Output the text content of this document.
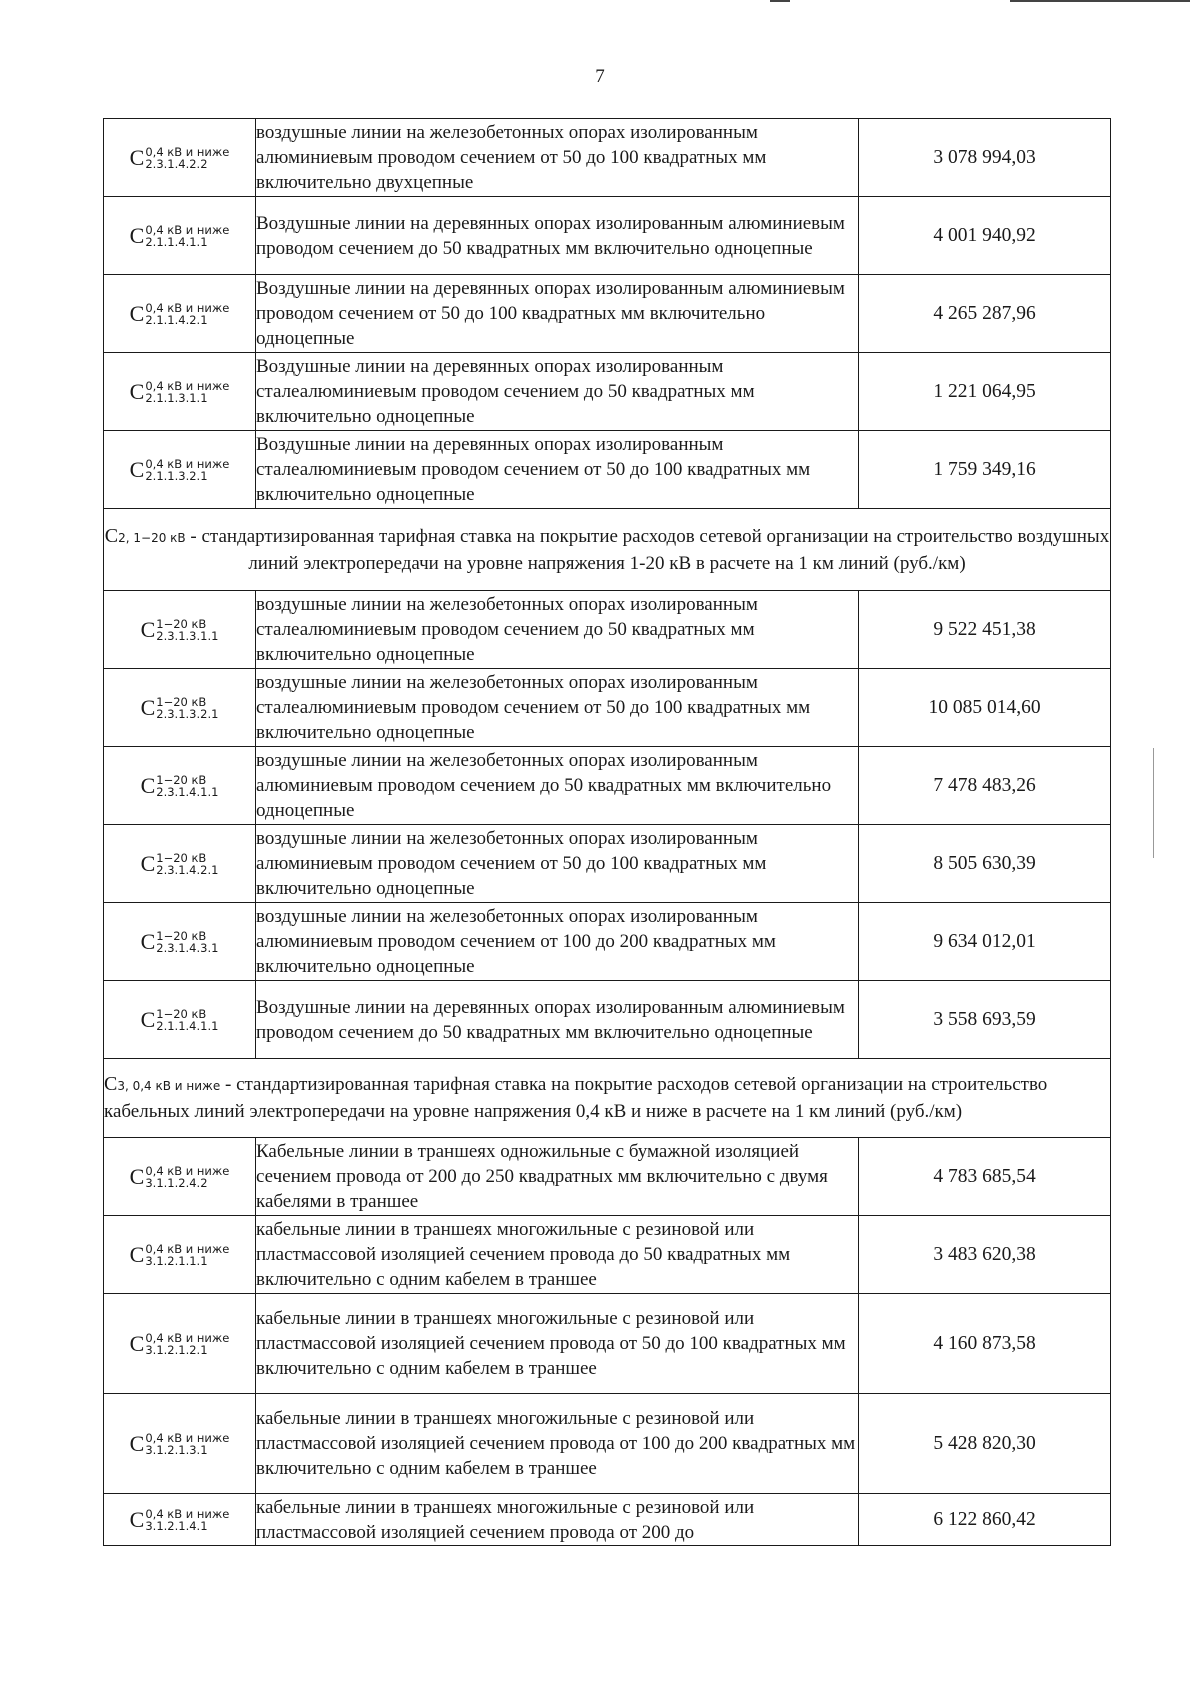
7
C 0,4 кВ и ниже
2.3.1.4.2.2	воздушные линии на железобетонных опорах изолированным алюминиевым проводом сечением от 50 до 100 квадратных мм включительно двухцепные	3 078 994,03

C 0,4 кВ и ниже
2.1.1.4.1.1	Воздушные линии на деревянных опорах изолированным алюминиевым проводом сечением до 50 квадратных мм включительно одноцепные	4 001 940,92

C 0,4 кВ и ниже
2.1.1.4.2.1	Воздушные линии на деревянных опорах изолированным алюминиевым проводом сечением от 50 до 100 квадратных мм включительно одноцепные	4 265 287,96

C 0,4 кВ и ниже
2.1.1.3.1.1	Воздушные линии на деревянных опорах изолированным сталеалюминиевым проводом сечением до 50 квадратных мм включительно одноцепные	1 221 064,95

C 0,4 кВ и ниже
2.1.1.3.2.1	Воздушные линии на деревянных опорах изолированным сталеалюминиевым проводом сечением от 50 до 100 квадратных мм включительно одноцепные	1 759 349,16
C2, 1−20 кВ - стандартизированная тарифная ставка на покрытие расходов сетевой организации на строительство воздушных линий электропередачи на уровне напряжения 1-20 кВ в расчете на 1 км линий (руб./км)		

C 1−20 кВ
2.3.1.3.1.1	воздушные линии на железобетонных опорах изолированным сталеалюминиевым проводом сечением до 50 квадратных мм включительно одноцепные	9 522 451,38

C 1−20 кВ
2.3.1.3.2.1	воздушные линии на железобетонных опорах изолированным сталеалюминиевым проводом сечением от 50 до 100 квадратных мм включительно одноцепные	10 085 014,60

C 1−20 кВ
2.3.1.4.1.1	воздушные линии на железобетонных опорах изолированным алюминиевым проводом сечением до 50 квадратных мм включительно одноцепные	7 478 483,26

C 1−20 кВ
2.3.1.4.2.1	воздушные линии на железобетонных опорах изолированным алюминиевым проводом сечением от 50 до 100 квадратных мм включительно одноцепные	8 505 630,39

C 1−20 кВ
2.3.1.4.3.1	воздушные линии на железобетонных опорах изолированным алюминиевым проводом сечением от 100 до 200 квадратных мм включительно одноцепные	9 634 012,01

C 1−20 кВ
2.1.1.4.1.1	Воздушные линии на деревянных опорах изолированным алюминиевым проводом сечением до 50 квадратных мм включительно одноцепные	3 558 693,59
C3, 0,4 кВ и ниже - стандартизированная тарифная ставка на покрытие расходов сетевой организации на строительство кабельных линий электропередачи на уровне напряжения 0,4 кВ и ниже в расчете на 1 км линий (руб./км)		

C 0,4 кВ и ниже
3.1.1.2.4.2	Кабельные линии в траншеях одножильные с бумажной изоляцией сечением провода от 200 до 250 квадратных мм включительно с двумя кабелями в траншее	4 783 685,54

C 0,4 кВ и ниже
3.1.2.1.1.1	кабельные линии в траншеях многожильные с резиновой или пластмассовой изоляцией сечением провода до 50 квадратных мм включительно с одним кабелем в траншее	3 483 620,38

C 0,4 кВ и ниже
3.1.2.1.2.1	кабельные линии в траншеях многожильные с резиновой или пластмассовой изоляцией сечением провода от 50 до 100 квадратных мм включительно с одним кабелем в траншее	4 160 873,58

C 0,4 кВ и ниже
3.1.2.1.3.1	кабельные линии в траншеях многожильные с резиновой или пластмассовой изоляцией сечением провода от 100 до 200 квадратных мм включительно с одним кабелем в траншее	5 428 820,30

C 0,4 кВ и ниже
3.1.2.1.4.1	кабельные линии в траншеях многожильные с резиновой или пластмассовой изоляцией сечением провода от 200 до	6 122 860,42
